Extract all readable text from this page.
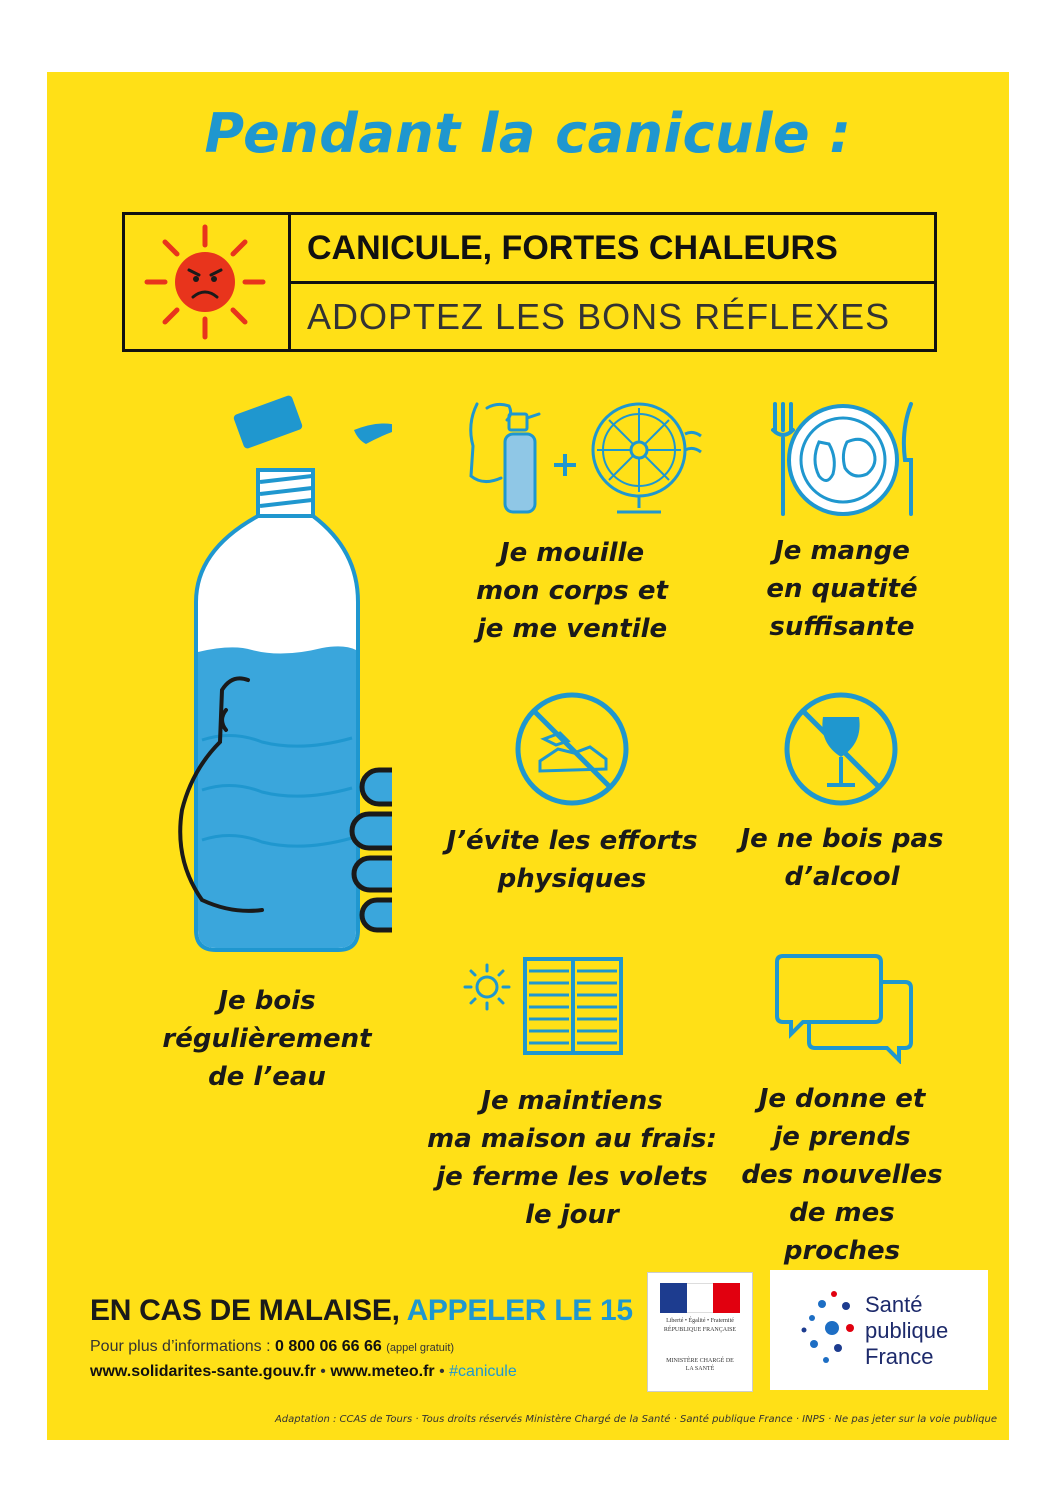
Pendant la canicule :
CANICULE, FORTES CHALEURS
ADOPTEZ LES BONS RÉFLEXES
Je bois
régulièrement
de l’eau
Je mouille
mon corps et
je me ventile
Je mange
en quatité
suffisante
J’évite les efforts
physiques
Je ne bois pas
d’alcool
Je maintiens
ma maison au frais:
je ferme les volets
le jour
Je donne et
je prends
des nouvelles
de mes proches
EN CAS DE MALAISE, APPELER LE 15
Pour plus d’informations : 0 800 06 66 66 (appel gratuit)
www.solidarites-sante.gouv.fr • www.meteo.fr • #canicule
Liberté • Égalité • Fraternité
RÉPUBLIQUE FRANÇAISE
MINISTÈRE CHARGÉ DE LA SANTÉ
Santé
publique
France
Adaptation : CCAS de Tours · Tous droits réservés Ministère Chargé de la Santé · Santé publique France · INPS · Ne pas jeter sur la voie publique
